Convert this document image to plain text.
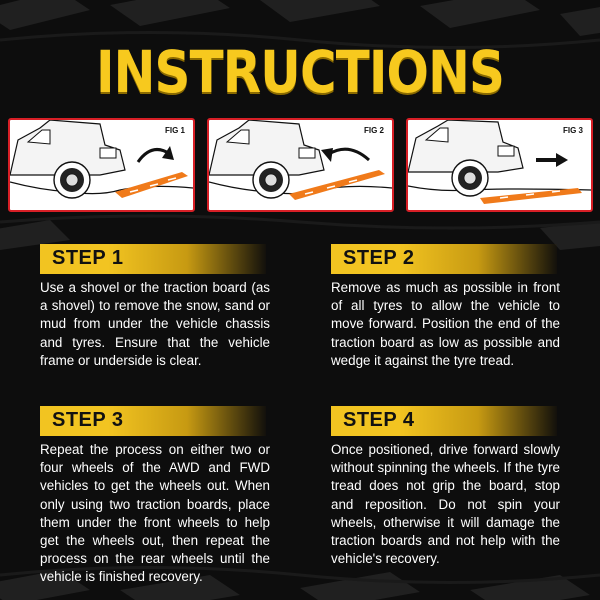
INSTRUCTIONS
FIG 1	FIG 2	FIG 3
STEP 1
Use a shovel or the traction board (as a shovel) to remove the snow, sand or mud from under the vehicle chassis and tyres. Ensure that the vehicle frame or underside is clear.
STEP 2
Remove as much as possible in front of all tyres to allow the vehicle to move forward. Position the end of the traction board as low as possible and wedge it against the tyre tread.
STEP 3
Repeat the process on either two or four wheels of the AWD and FWD vehicles to get the wheels out. When only using two traction boards, place them under the front wheels to help get the wheels out, then repeat the process on the rear wheels until the vehicle is finished recovery.
STEP 4
Once positioned, drive forward slowly without spinning the wheels. If the tyre tread does not grip the board, stop and reposition. Do not spin your wheels, otherwise it will damage the traction boards and not help with the vehicle's recovery.
